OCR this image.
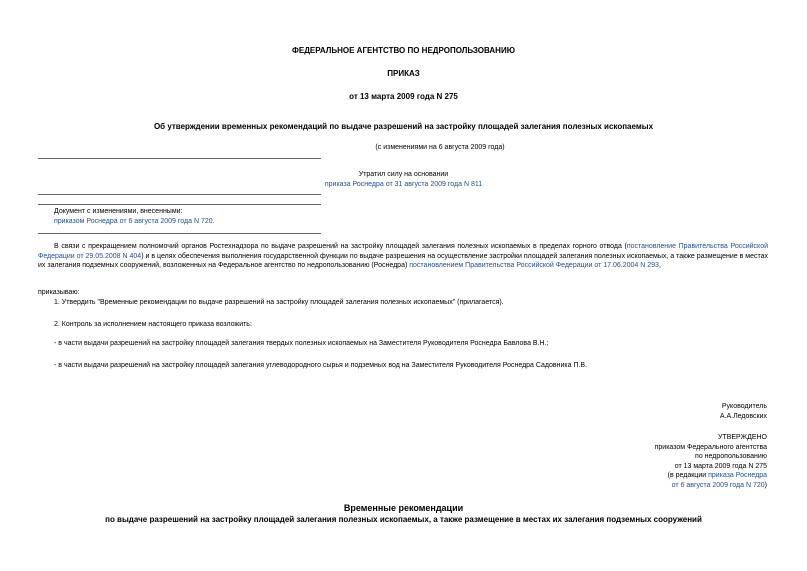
ФЕДЕРАЛЬНОЕ АГЕНТСТВО ПО НЕДРОПОЛЬЗОВАНИЮ
ПРИКАЗ
от 13 марта 2009 года N 275
Об утверждении временных рекомендаций по выдаче разрешений на застройку площадей залегания полезных ископаемых
(с изменениями на 6 августа 2009 года)
Утратил силу на основании
приказа Роснедра от 31 августа 2009 года N 811
Документ с изменениями, внесенными:
приказом Роснедра от 6 августа 2009 года N 720.
В связи с прекращением полномочий органов Ростехнадзора по выдаче разрешений на застройку площадей залегания полезных ископаемых в пределах горного отвода (постановление Правительства Российской Федерации от 29.05.2008 N 404) и в целях обеспечения выполнения государственной функции по выдаче разрешения на осуществление застройки площадей залегания полезных ископаемых, а также размещение в местах их залегания подземных сооружений, возложенных на Федеральное агентство по недропользованию (Роснедра) постановлением Правительства Российской Федерации от 17.06.2004 N 293,
приказываю:
1. Утвердить "Временные рекомендации по выдаче разрешений на застройку площадей залегания полезных ископаемых" (прилагается).
2. Контроль за исполнением настоящего приказа возложить:
- в части выдачи разрешений на застройку площадей залегания твердых полезных ископаемых на Заместителя Руководителя Роснедра Бавлова В.Н.;
- в части выдачи разрешений на застройку площадей залегания углеводородного сырья и подземных вод на Заместителя Руководителя Роснедра Садовника П.В.
Руководитель
А.А.Ледовских
УТВЕРЖДЕНО
приказом Федерального агентства
по недропользованию
от 13 марта 2009 года N 275
(в редакции приказа Роснедра
от 6 августа 2009 года N 720)
Временные рекомендации
по выдаче разрешений на застройку площадей залегания полезных ископаемых, а также размещение в местах их залегания подземных сооружений
